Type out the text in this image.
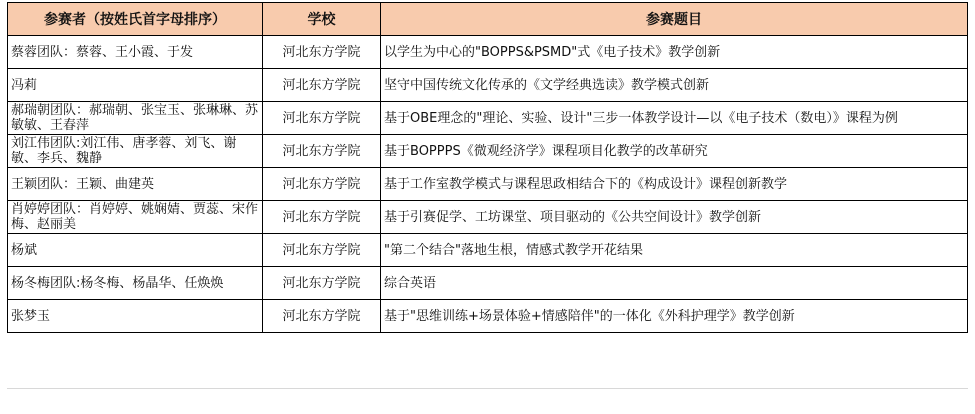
参赛者（按姓氏首字母排序）	学校	参赛题目
蔡蓉团队：蔡蓉、王小霞、于发	河北东方学院	以学生为中心的"BOPPS&PSMD"式《电子技术》教学创新
冯莉	河北东方学院	坚守中国传统文化传承的《文学经典选读》教学模式创新
郝瑞朝团队：郝瑞朝、张宝玉、张琳琳、苏敏敏、王春萍	河北东方学院	基于OBE理念的"理论、实验、设计"三步一体教学设计—以《电子技术（数电）》课程为例
刘江伟团队:刘江伟、唐孝蓉、刘飞、谢敏、李兵、魏静	河北东方学院	基于BOPPPS《微观经济学》课程项目化教学的改革研究
王颖团队：王颖、曲建英	河北东方学院	基于工作室教学模式与课程思政相结合下的《构成设计》课程创新教学
肖婷婷团队：肖婷婷、姚娴婧、贾蕊、宋作梅、赵丽美	河北东方学院	基于引赛促学、工坊课堂、项目驱动的《公共空间设计》教学创新
杨斌	河北东方学院	"第二个结合"落地生根，情感式教学开花结果
杨冬梅团队:杨冬梅、杨晶华、任焕焕	河北东方学院	综合英语
张梦玉	河北东方学院	基于"思维训练+场景体验+情感陪伴"的一体化《外科护理学》教学创新
